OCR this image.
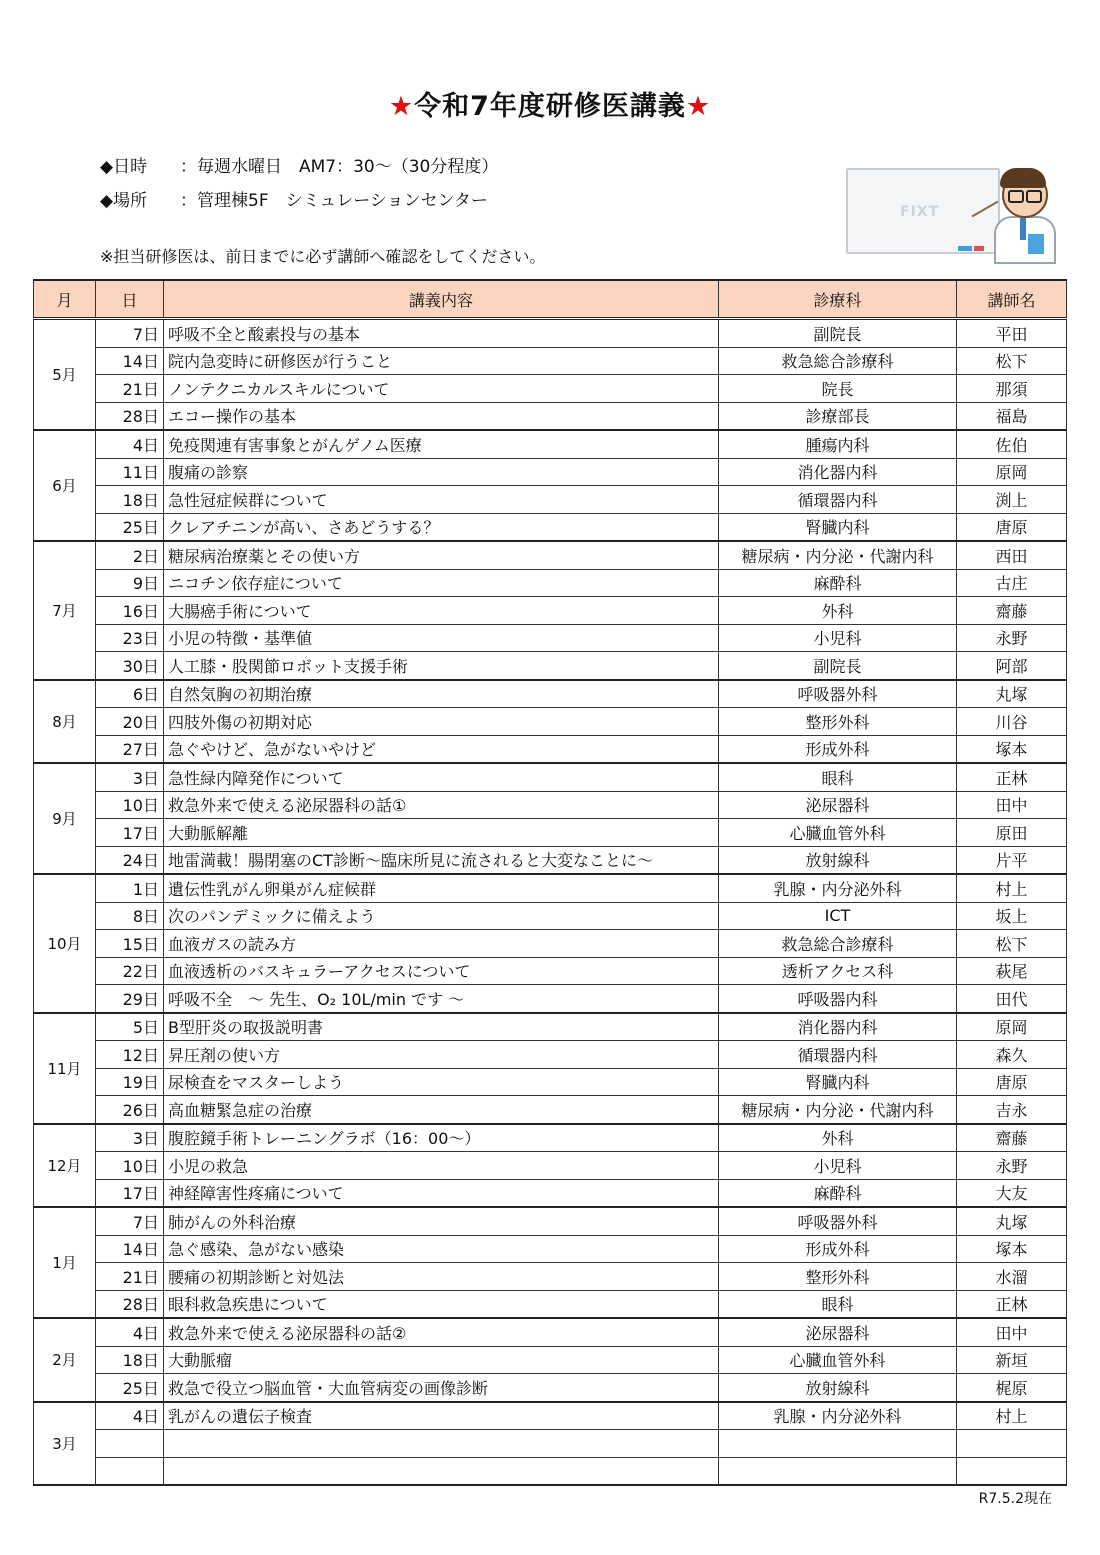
★令和7年度研修医講義★
◆日時 ：毎週水曜日　AM7：30～（30分程度）
◆場所 ：管理棟5F　シミュレーションセンター
※担当研修医は、前日までに必ず講師へ確認をしてください。
FIXT
月	日	講義内容	診療科	講師名
5月	7日	呼吸不全と酸素投与の基本	副院長	平田
	14日	院内急変時に研修医が行うこと	救急総合診療科	松下
	21日	ノンテクニカルスキルについて	院長	那須
	28日	エコー操作の基本	診療部長	福島
6月	4日	免疫関連有害事象とがんゲノム医療	腫瘍内科	佐伯
	11日	腹痛の診察	消化器内科	原岡
	18日	急性冠症候群について	循環器内科	渕上
	25日	クレアチニンが高い、さあどうする？	腎臓内科	唐原
7月	2日	糖尿病治療薬とその使い方	糖尿病・内分泌・代謝内科	西田
	9日	ニコチン依存症について	麻酔科	古庄
	16日	大腸癌手術について	外科	齋藤
	23日	小児の特徴・基準値	小児科	永野
	30日	人工膝・股関節ロボット支援手術	副院長	阿部
8月	6日	自然気胸の初期治療	呼吸器外科	丸塚
	20日	四肢外傷の初期対応	整形外科	川谷
	27日	急ぐやけど、急がないやけど	形成外科	塚本
9月	3日	急性緑内障発作について	眼科	正林
	10日	救急外来で使える泌尿器科の話①	泌尿器科	田中
	17日	大動脈解離	心臓血管外科	原田
	24日	地雷満載！腸閉塞のCT診断～臨床所見に流されると大変なことに～	放射線科	片平
10月	1日	遺伝性乳がん卵巣がん症候群	乳腺・内分泌外科	村上
	8日	次のパンデミックに備えよう	ICT	坂上
	15日	血液ガスの読み方	救急総合診療科	松下
	22日	血液透析のバスキュラーアクセスについて	透析アクセス科	萩尾
	29日	呼吸不全　～ 先生、O₂ 10L/min です ～	呼吸器内科	田代
11月	5日	B型肝炎の取扱説明書	消化器内科	原岡
	12日	昇圧剤の使い方	循環器内科	森久
	19日	尿検査をマスターしよう	腎臓内科	唐原
	26日	高血糖緊急症の治療	糖尿病・内分泌・代謝内科	吉永
12月	3日	腹腔鏡手術トレーニングラボ（16：00～）	外科	齋藤
	10日	小児の救急	小児科	永野
	17日	神経障害性疼痛について	麻酔科	大友
1月	7日	肺がんの外科治療	呼吸器外科	丸塚
	14日	急ぐ感染、急がない感染	形成外科	塚本
	21日	腰痛の初期診断と対処法	整形外科	水溜
	28日	眼科救急疾患について	眼科	正林
2月	4日	救急外来で使える泌尿器科の話②	泌尿器科	田中
	18日	大動脈瘤	心臓血管外科	新垣
	25日	救急で役立つ脳血管・大血管病変の画像診断	放射線科	梶原
3月	4日	乳がんの遺伝子検査	乳腺・内分泌外科	村上

R7.5.2現在
